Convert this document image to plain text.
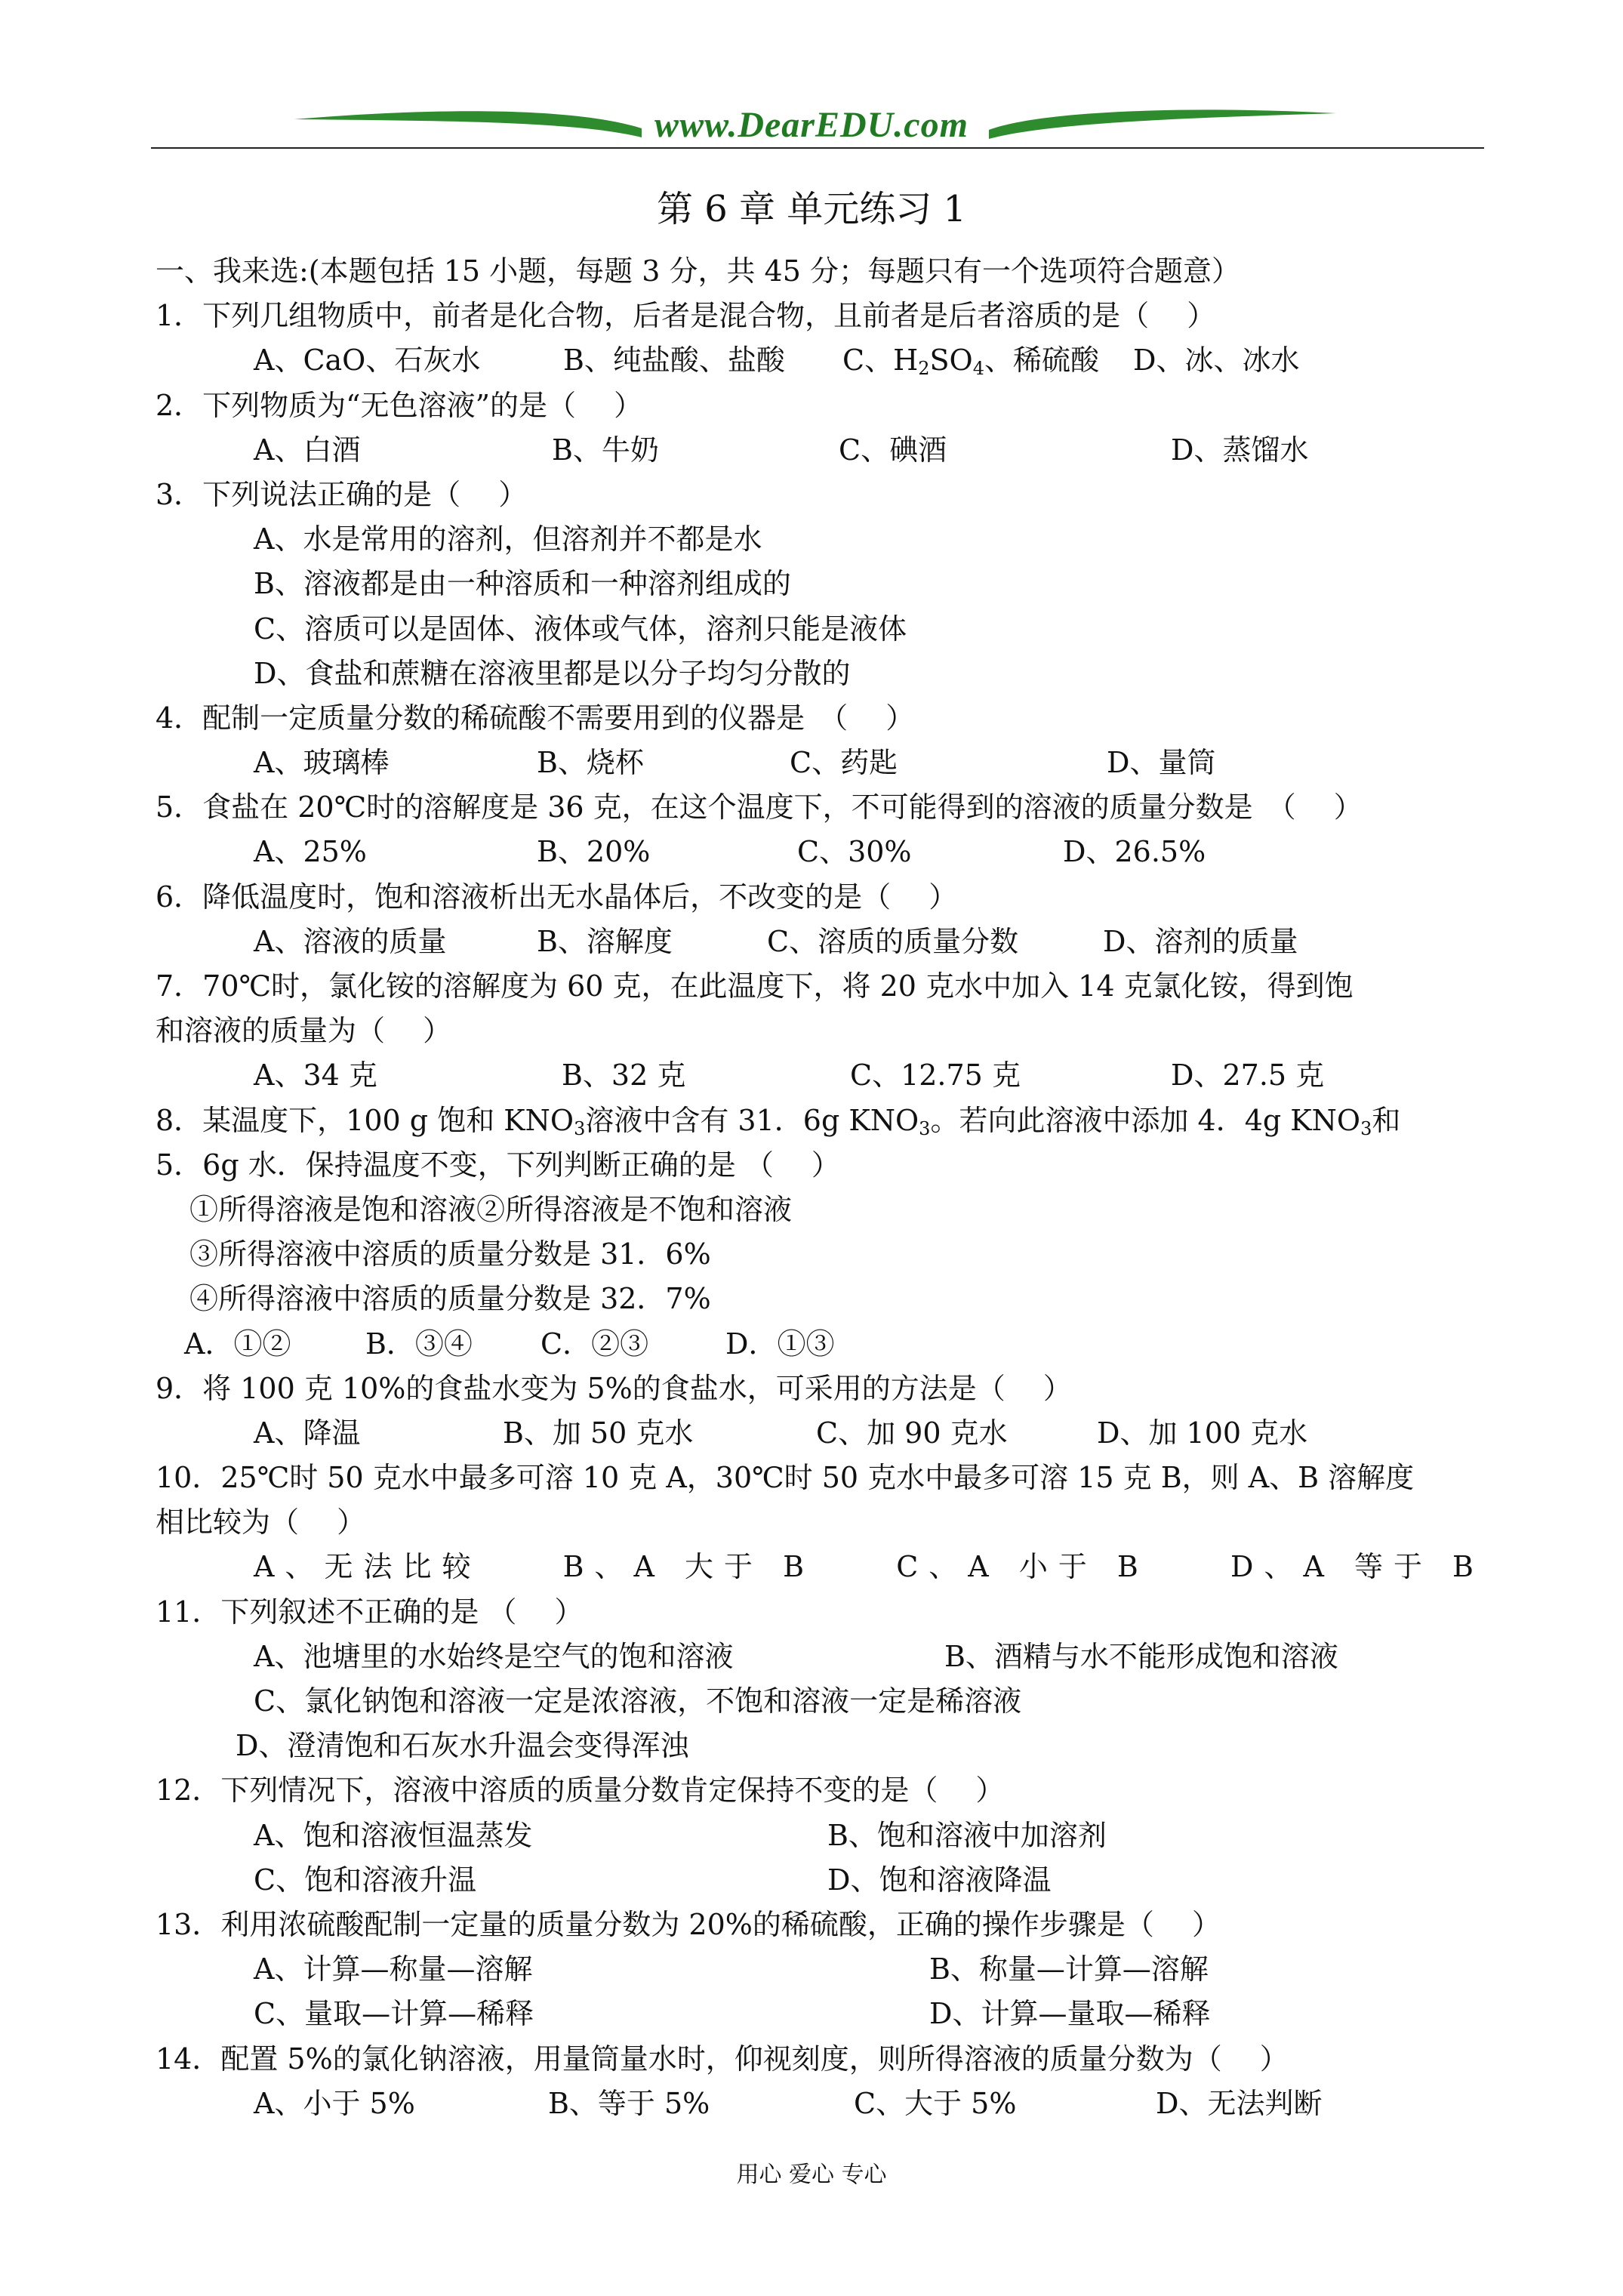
www.DearEDU.com
第 6 章 单元练习 1
一、我来选:(本题包括 15 小题，每题 3 分，共 45 分；每题只有一个选项符合题意）
1．下列几组物质中，前者是化合物，后者是混合物，且前者是后者溶质的是（　 ）
A、CaO、石灰水	B、纯盐酸、盐酸 C、$H_2SO_4$、稀硫酸 D、冰、冰水
2．下列物质为“无色溶液”的是（　 ）
A、白酒	B、牛奶	C、碘酒	D、蒸馏水
3．下列说法正确的是（　 ）
A、水是常用的溶剂，但溶剂并不都是水
B、溶液都是由一种溶质和一种溶剂组成的
C、溶质可以是固体、液体或气体，溶剂只能是液体
D、食盐和蔗糖在溶液里都是以分子均匀分散的
4．配制一定质量分数的稀硫酸不需要用到的仪器是　（　 ）
A、玻璃棒	B、烧杯	C、药匙	D、量筒
5．食盐在 20℃时的溶解度是 36 克，在这个温度下，不可能得到的溶液的质量分数是　（　 ）
A、25%	B、20%	C、30%	D、26.5%
6．降低温度时，饱和溶液析出无水晶体后，不改变的是（　 ）
A、溶液的质量	B、溶解度	C、溶质的质量分数	D、溶剂的质量
7．70℃时，氯化铵的溶解度为 60 克，在此温度下，将 20 克水中加入 14 克氯化铵，得到饱
和溶液的质量为（　 ）
A、34 克	B、32 克	C、12.75 克	D、27.5 克
8．某温度下，100 g 饱和 $KNO_3$溶液中含有 31．6g $KNO_3$。若向此溶液中添加 4．4g $KNO_3$和
5．6g 水．保持温度不变，下列判断正确的是 （　 ）
①所得溶液是饱和溶液②所得溶液是不饱和溶液
③所得溶液中溶质的质量分数是 31．6%
④所得溶液中溶质的质量分数是 32．7%
A．①②	B．③④ C．②③	D．①③
9．将 100 克 10%的食盐水变为 5%的食盐水，可采用的方法是（　 ）
A、降温	B、加 50 克水	C、加 90 克水	D、加 100 克水
10．25℃时 50 克水中最多可溶 10 克 A，30℃时 50 克水中最多可溶 15 克 B，则 A、B 溶解度
相比较为（　 ）
A、无法比较	B、A 大于 B	C、A 小于 B	D、A 等于 B
11．下列叙述不正确的是 （　 ）
A、池塘里的水始终是空气的饱和溶液	B、酒精与水不能形成饱和溶液
C、氯化钠饱和溶液一定是浓溶液，不饱和溶液一定是稀溶液
D、澄清饱和石灰水升温会变得浑浊
12．下列情况下，溶液中溶质的质量分数肯定保持不变的是（　 ）
A、饱和溶液恒温蒸发	B、饱和溶液中加溶剂
C、饱和溶液升温	D、饱和溶液降温
13．利用浓硫酸配制一定量的质量分数为 20%的稀硫酸，正确的操作步骤是（　 ）
A、计算—称量—溶解	B、称量—计算—溶解
C、量取—计算—稀释	D、计算—量取—稀释
14．配置 5%的氯化钠溶液，用量筒量水时，仰视刻度，则所得溶液的质量分数为（　 ）
A、小于 5%	B、等于 5%	C、大于 5%	D、无法判断
用心 爱心 专心
